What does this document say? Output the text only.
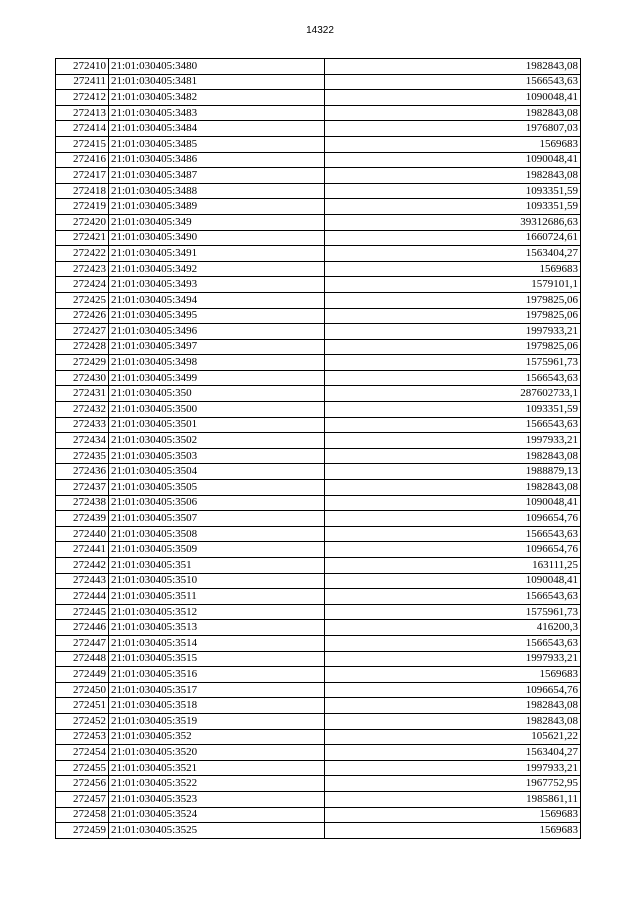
14322
272410	21:01:030405:3480	1982843,08
272411	21:01:030405:3481	1566543,63
272412	21:01:030405:3482	1090048,41
272413	21:01:030405:3483	1982843,08
272414	21:01:030405:3484	1976807,03
272415	21:01:030405:3485	1569683
272416	21:01:030405:3486	1090048,41
272417	21:01:030405:3487	1982843,08
272418	21:01:030405:3488	1093351,59
272419	21:01:030405:3489	1093351,59
272420	21:01:030405:349	39312686,63
272421	21:01:030405:3490	1660724,61
272422	21:01:030405:3491	1563404,27
272423	21:01:030405:3492	1569683
272424	21:01:030405:3493	1579101,1
272425	21:01:030405:3494	1979825,06
272426	21:01:030405:3495	1979825,06
272427	21:01:030405:3496	1997933,21
272428	21:01:030405:3497	1979825,06
272429	21:01:030405:3498	1575961,73
272430	21:01:030405:3499	1566543,63
272431	21:01:030405:350	287602733,1
272432	21:01:030405:3500	1093351,59
272433	21:01:030405:3501	1566543,63
272434	21:01:030405:3502	1997933,21
272435	21:01:030405:3503	1982843,08
272436	21:01:030405:3504	1988879,13
272437	21:01:030405:3505	1982843,08
272438	21:01:030405:3506	1090048,41
272439	21:01:030405:3507	1096654,76
272440	21:01:030405:3508	1566543,63
272441	21:01:030405:3509	1096654,76
272442	21:01:030405:351	163111,25
272443	21:01:030405:3510	1090048,41
272444	21:01:030405:3511	1566543,63
272445	21:01:030405:3512	1575961,73
272446	21:01:030405:3513	416200,3
272447	21:01:030405:3514	1566543,63
272448	21:01:030405:3515	1997933,21
272449	21:01:030405:3516	1569683
272450	21:01:030405:3517	1096654,76
272451	21:01:030405:3518	1982843,08
272452	21:01:030405:3519	1982843,08
272453	21:01:030405:352	105621,22
272454	21:01:030405:3520	1563404,27
272455	21:01:030405:3521	1997933,21
272456	21:01:030405:3522	1967752,95
272457	21:01:030405:3523	1985861,11
272458	21:01:030405:3524	1569683
272459	21:01:030405:3525	1569683
